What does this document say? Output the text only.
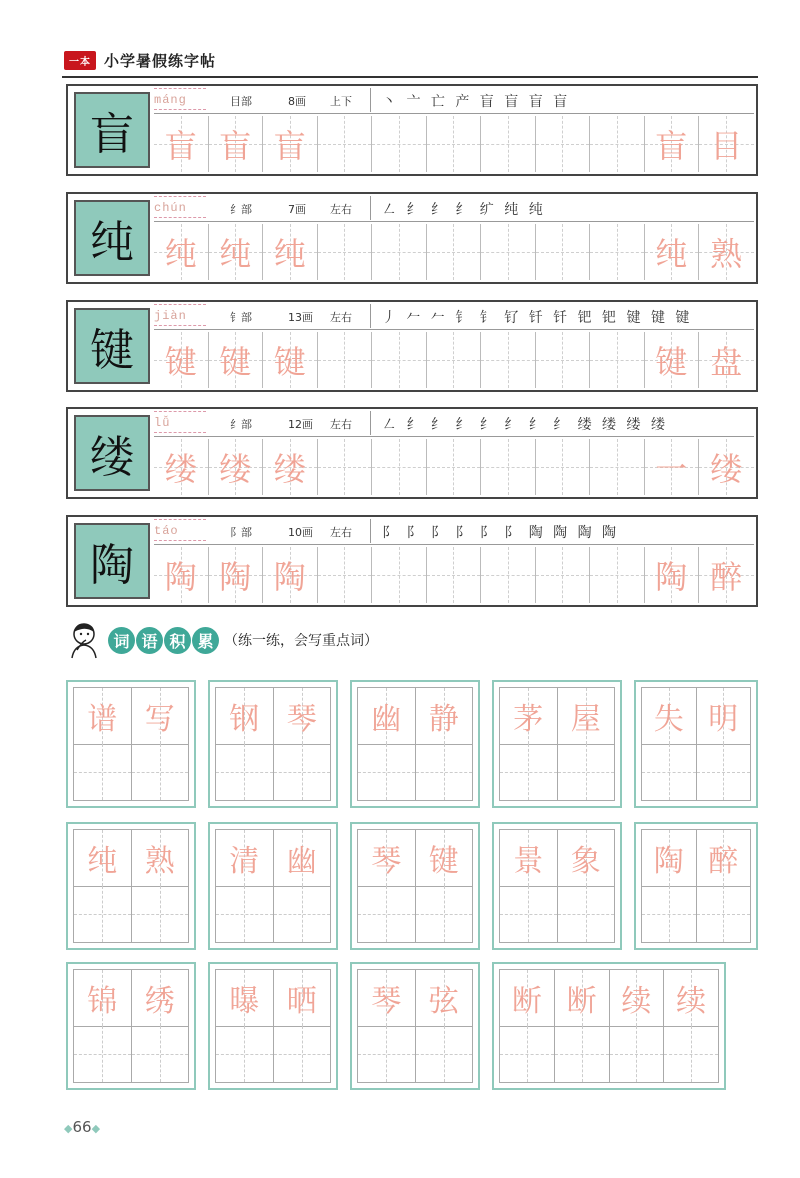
一本 小学暑假练字帖
盲
máng	目部	8画 上下 丶 亠 亡 产 盲 盲 盲 盲
盲 盲 盲	盲 目
纯
chún	纟部	7画 左右 ㇜ 纟 纟 纟 纩 纯 纯
纯 纯 纯	纯 熟
键
jiàn	钅部	13画 左右 丿 𠂉 𠂉 钅 钅 钌 钎 钎 钯 钯 键 键 键
键 键 键	键 盘
缕
lǚ	纟部	12画 左右 ㇜ 纟 纟 纟 纟 纟 纟 纟 缕 缕 缕 缕
缕 缕 缕	一 缕
陶
táo	阝部	10画 左右 阝 阝 阝 阝 阝 阝 陶 陶 陶 陶
陶 陶 陶	陶 醉
词 语 积 累 （练一练，会写重点词）
谱 写	钢 琴	幽 静	茅 屋	失 明
纯 熟	清 幽	琴 键	景 象	陶 醉
锦 绣	曝 晒	琴 弦	断 断 续 续
◆66◆
